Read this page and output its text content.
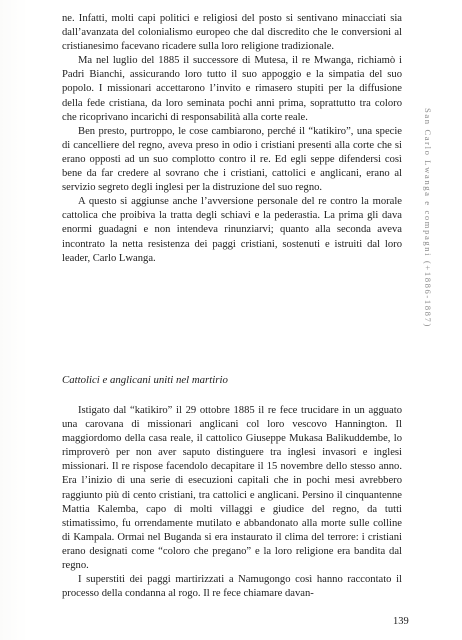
San Carlo Lwanga e compagni (+1886-1887)

ne. Infatti, molti capi politici e religiosi del posto si sentivano minacciati sia dall’avanzata del colonialismo europeo che dal discredito che le conversioni al cristianesimo facevano ricadere sulla loro religione tradizionale.

Ma nel luglio del 1885 il successore di Mutesa, il re Mwanga, richiamò i Padri Bianchi, assicurando loro tutto il suo appoggio e la simpatia del suo popolo. I missionari accettarono l’invito e rimasero stupiti per la diffusione della fede cristiana, da loro seminata pochi anni prima, soprattutto tra coloro che ricoprivano incarichi di responsabilità alla corte reale.

Ben presto, purtroppo, le cose cambiarono, perché il “katikiro”, una specie di cancelliere del regno, aveva preso in odio i cristiani presenti alla corte che si erano opposti ad un suo complotto contro il re. Ed egli seppe difendersi così bene da far credere al sovrano che i cristiani, cattolici e anglicani, erano al servizio segreto degli inglesi per la distruzione del suo regno.

A questo si aggiunse anche l’avversione personale del re contro la morale cattolica che proibiva la tratta degli schiavi e la pederastia. La prima gli dava enormi guadagni e non intendeva rinunziarvi; quanto alla seconda aveva incontrato la netta resistenza dei paggi cristiani, sostenuti e istruiti dal loro leader, Carlo Lwanga.

Cattolici e anglicani uniti nel martirio

Istigato dal “katikiro” il 29 ottobre 1885 il re fece trucidare in un agguato una carovana di missionari anglicani col loro vescovo Hannington. Il maggiordomo della casa reale, il cattolico Giuseppe Mukasa Balikuddembe, lo rimproverò per non aver saputo distinguere tra inglesi invasori e inglesi missionari. Il re rispose facendolo decapitare il 15 novembre dello stesso anno. Era l’inizio di una serie di esecuzioni capitali che in pochi mesi avrebbero raggiunto più di cento cristiani, tra cattolici e anglicani. Persino il cinquantenne Mattia Kalemba, capo di molti villaggi e giudice del regno, da tutti stimatissimo, fu orrendamente mutilato e abbandonato alla morte sulle colline di Kampala. Ormai nel Buganda si era instaurato il clima del terrore: i cristiani erano designati come “coloro che pregano” e la loro religione era bandita dal regno.

I superstiti dei paggi martirizzati a Namugongo così hanno raccontato il processo della condanna al rogo. Il re fece chiamare davan-

139
